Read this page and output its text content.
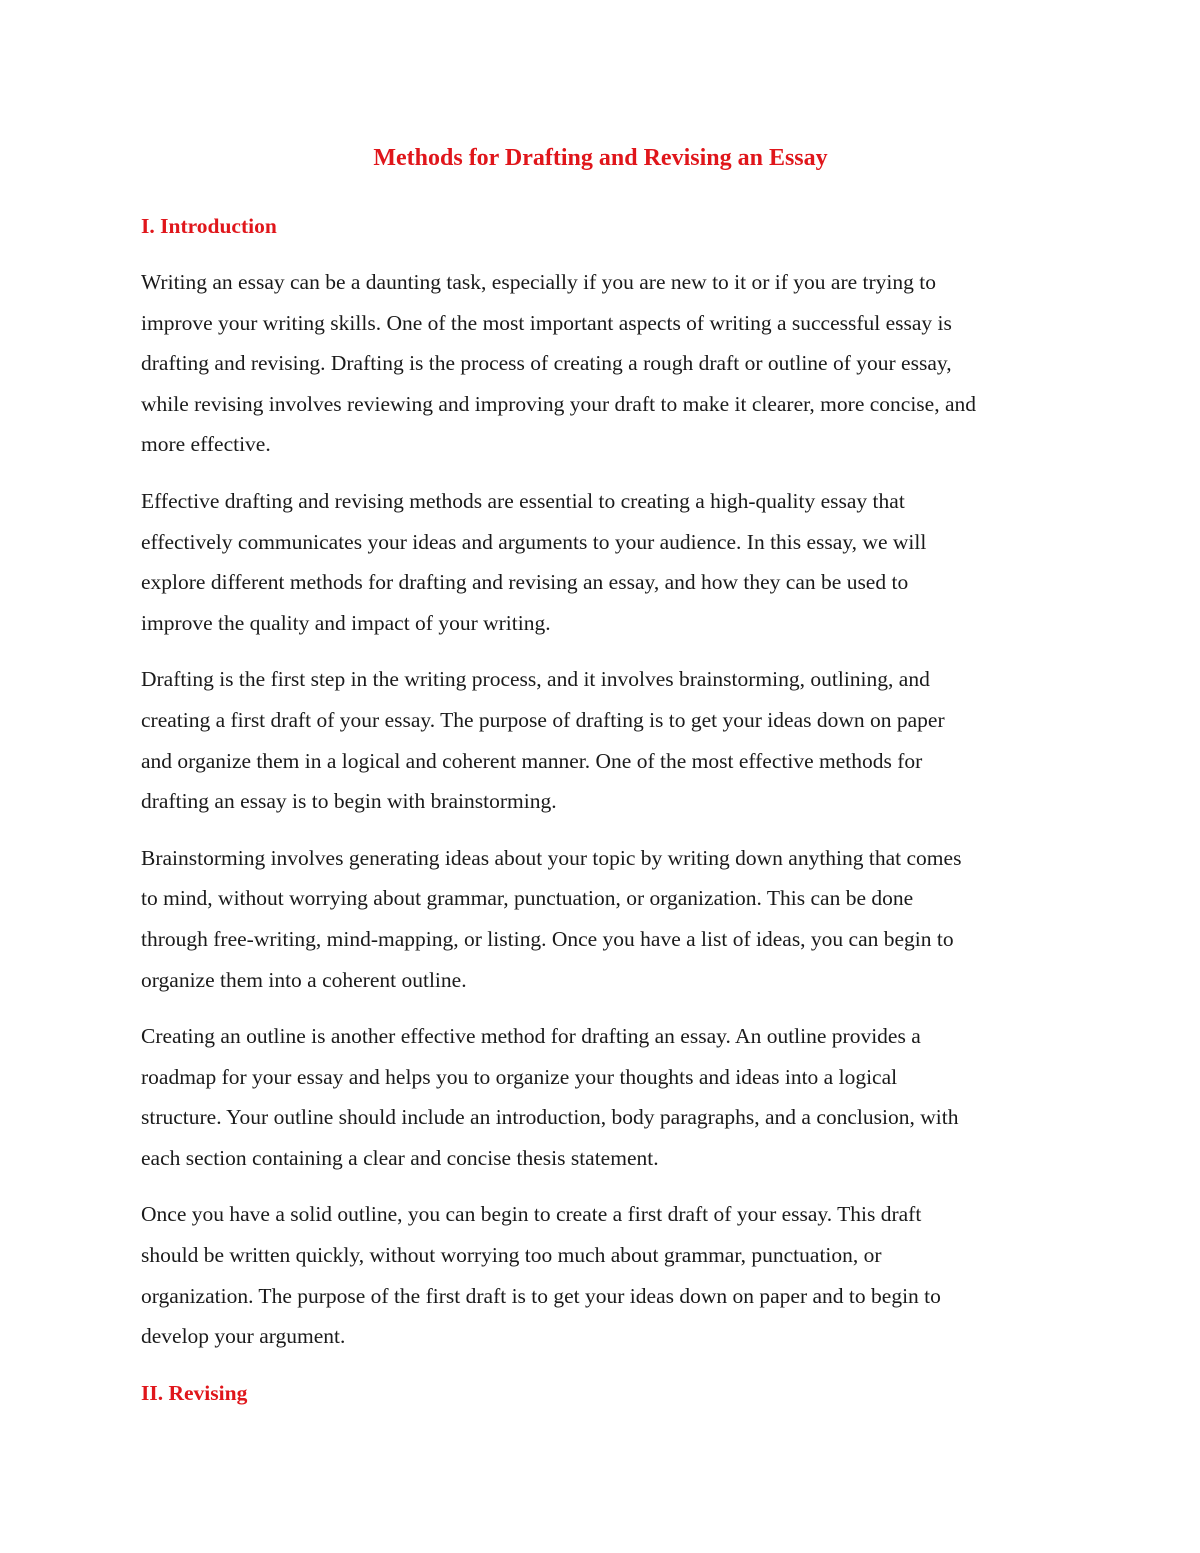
Methods for Drafting and Revising an Essay
I. Introduction

Writing an essay can be a daunting task, especially if you are new to it or if you are trying to
improve your writing skills. One of the most important aspects of writing a successful essay is
drafting and revising. Drafting is the process of creating a rough draft or outline of your essay,
while revising involves reviewing and improving your draft to make it clearer, more concise, and
more effective.

Effective drafting and revising methods are essential to creating a high-quality essay that
effectively communicates your ideas and arguments to your audience. In this essay, we will
explore different methods for drafting and revising an essay, and how they can be used to
improve the quality and impact of your writing.

Drafting is the first step in the writing process, and it involves brainstorming, outlining, and
creating a first draft of your essay. The purpose of drafting is to get your ideas down on paper
and organize them in a logical and coherent manner. One of the most effective methods for
drafting an essay is to begin with brainstorming.

Brainstorming involves generating ideas about your topic by writing down anything that comes
to mind, without worrying about grammar, punctuation, or organization. This can be done
through free-writing, mind-mapping, or listing. Once you have a list of ideas, you can begin to
organize them into a coherent outline.

Creating an outline is another effective method for drafting an essay. An outline provides a
roadmap for your essay and helps you to organize your thoughts and ideas into a logical
structure. Your outline should include an introduction, body paragraphs, and a conclusion, with
each section containing a clear and concise thesis statement.

Once you have a solid outline, you can begin to create a first draft of your essay. This draft
should be written quickly, without worrying too much about grammar, punctuation, or
organization. The purpose of the first draft is to get your ideas down on paper and to begin to
develop your argument.

II. Revising
